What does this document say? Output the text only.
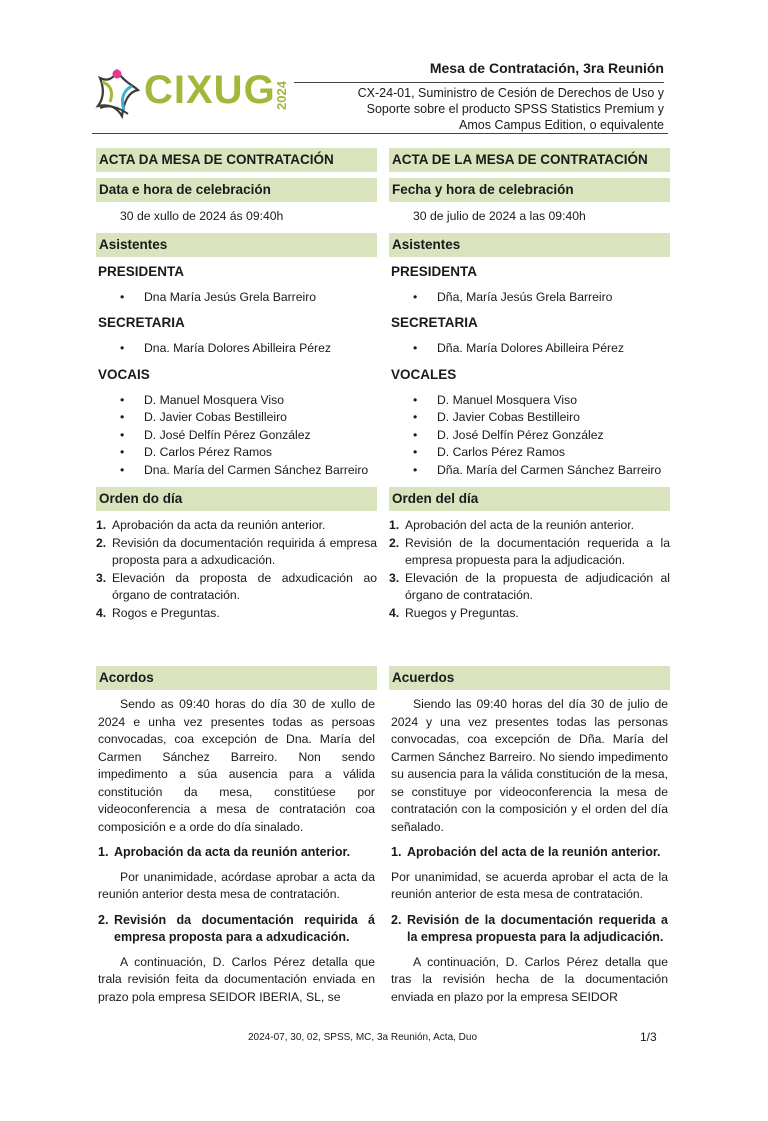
CIXUG
2024
Mesa de Contratación, 3ra Reunión
CX-24-01, Suministro de Cesión de Derechos de Uso y
Soporte sobre el producto SPSS Statistics Premium y
Amos Campus Edition, o equivalente
ACTA DA MESA DE CONTRATACIÓN
Data e hora de celebración
30 de xullo de 2024 ás 09:40h
Asistentes
PRESIDENTA
• Dna María Jesús Grela Barreiro
SECRETARIA
• Dna. María Dolores Abilleira Pérez
VOCAIS
• D. Manuel Mosquera Viso
• D. Javier Cobas Bestilleiro
• D. José Delfín Pérez González
• D. Carlos Pérez Ramos
• Dna. María del Carmen Sánchez Barreiro
Orden do día
1. Aprobación da acta da reunión anterior.
2. Revisión da documentación requirida á empresa proposta para a adxudicación.
3. Elevación da proposta de adxudicación ao órgano de contratación.
4. Rogos e Preguntas.
Acordos
Sendo as 09:40 horas do día 30 de xullo de 2024 e unha vez presentes todas as persoas convocadas, coa excepción de Dna. María del Carmen Sánchez Barreiro. Non sendo impedimento a súa ausencia para a válida constitución da mesa, constitúese por videoconferencia a mesa de contratación coa composición e a orde do día sinalado.
1. Aprobación da acta da reunión anterior.
Por unanimidade, acórdase aprobar a acta da reunión anterior desta mesa de contratación.
2. Revisión da documentación requirida á empresa proposta para a adxudicación.
A continuación, D. Carlos Pérez detalla que trala revisión feita da documentación enviada en prazo pola empresa SEIDOR IBERIA, SL, se
ACTA DE LA MESA DE CONTRATACIÓN
Fecha y hora de celebración
30 de julio de 2024 a las 09:40h
Asistentes
PRESIDENTA
• Dña, María Jesús Grela Barreiro
SECRETARIA
• Dña. María Dolores Abilleira Pérez
VOCALES
• D. Manuel Mosquera Viso
• D. Javier Cobas Bestilleiro
• D. José Delfín Pérez González
• D. Carlos Pérez Ramos
• Dña. María del Carmen Sánchez Barreiro
Orden del día
1. Aprobación del acta de la reunión anterior.
2. Revisión de la documentación requerida a la empresa propuesta para la adjudicación.
3. Elevación de la propuesta de adjudicación al órgano de contratación.
4. Ruegos y Preguntas.
Acuerdos
Siendo las 09:40 horas del día 30 de julio de 2024 y una vez presentes todas las personas convocadas, coa excepción de Dña. María del Carmen Sánchez Barreiro. No siendo impedimento su ausencia para la válida constitución de la mesa, se constituye por videoconferencia la mesa de contratación con la composición y el orden del día señalado.
1. Aprobación del acta de la reunión anterior.
Por unanimidad, se acuerda aprobar el acta de la reunión anterior de esta mesa de contratación.
2. Revisión de la documentación requerida a la empresa propuesta para la adjudicación.
A continuación, D. Carlos Pérez detalla que tras la revisión hecha de la documentación enviada en plazo por la empresa SEIDOR
2024-07, 30, 02, SPSS, MC, 3a Reunión, Acta, Duo	1/3
